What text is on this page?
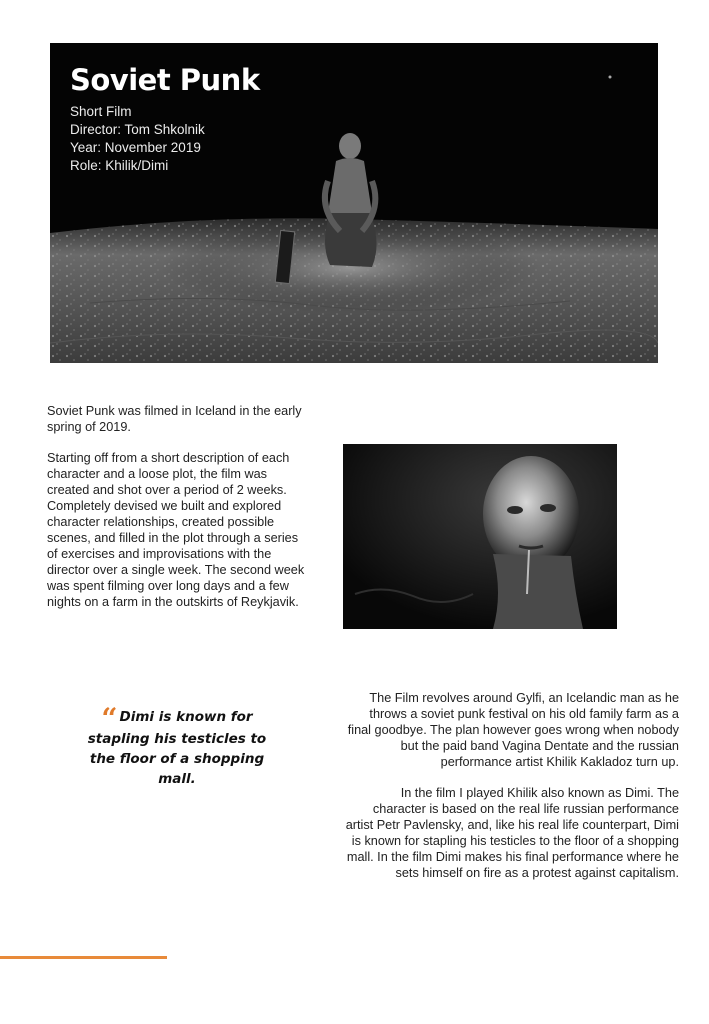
Soviet Punk
Short Film
Director: Tom Shkolnik
Year: November 2019
Role: Khilik/Dimi

Soviet Punk was filmed in Iceland in the early spring of 2019.

Starting off from a short description of each character and a loose plot, the film was created and shot over a period of 2 weeks. Completely devised we built and explored character relationships, created possible scenes, and filled in the plot through a series of exercises and improvisations with the director over a single week. The second week was spent filming over long days and a few nights on a farm in the outskirts of Reykjavik.

“ Dimi is known for stapling his testicles to the floor of a shopping mall.

The Film revolves around Gylfi, an Icelandic man as he throws a soviet punk festival on his old family farm as a final goodbye. The plan however goes wrong when nobody but the paid band Vagina Dentate and the russian performance artist Khilik Kakladoz turn up.

In the film I played Khilik also known as Dimi. The character is based on the real life russian performance artist Petr Pavlensky, and, like his real life counterpart, Dimi is known for stapling his testicles to the floor of a shopping mall. In the film Dimi makes his final performance where he sets himself on fire as a protest against capitalism.
